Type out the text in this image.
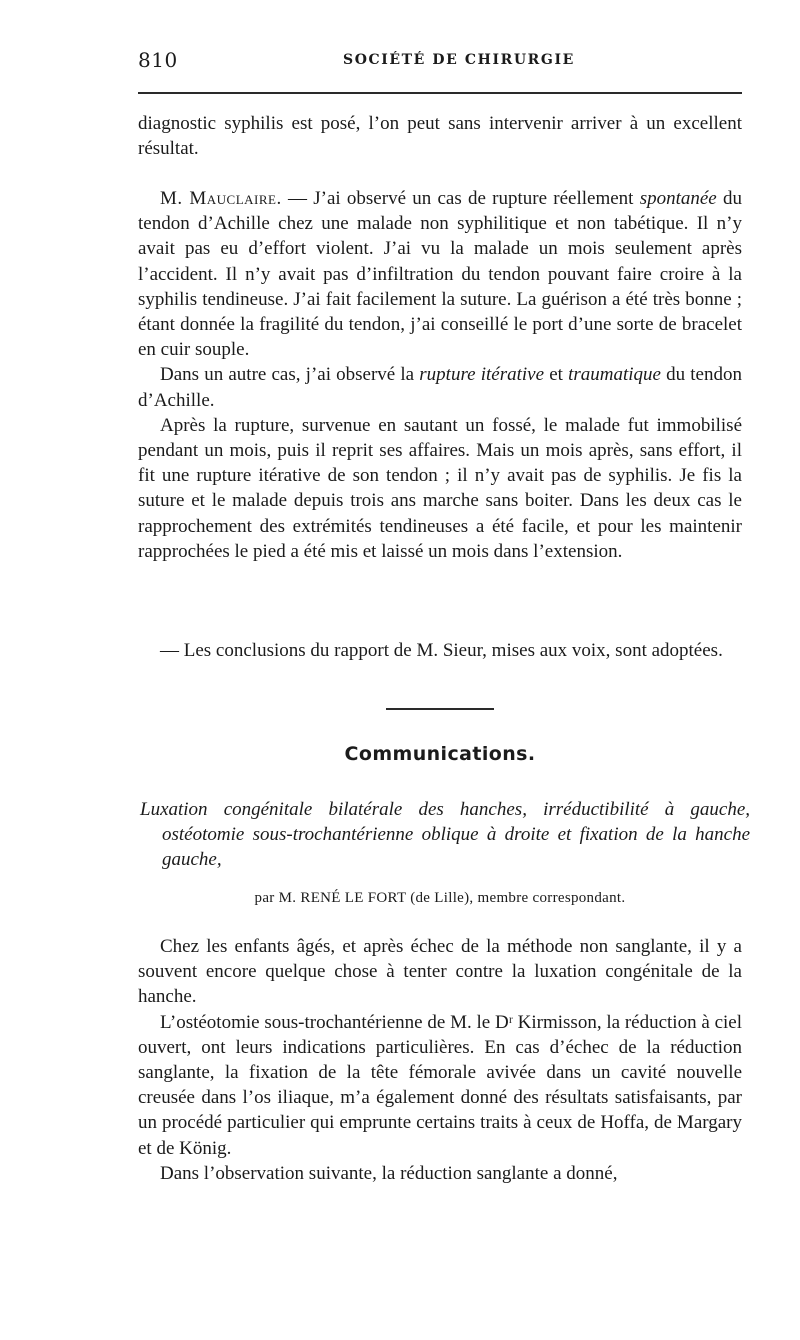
810	SOCIÉTÉ DE CHIRURGIE

diagnostic syphilis est posé, l’on peut sans intervenir arriver à un excellent résultat.

M. Mauclaire. — J’ai observé un cas de rupture réellement spontanée du tendon d’Achille chez une malade non syphilitique et non tabétique. Il n’y avait pas eu d’effort violent. J’ai vu la malade un mois seulement après l’accident. Il n’y avait pas d’infiltration du tendon pouvant faire croire à la syphilis tendineuse. J’ai fait facilement la suture. La guérison a été très bonne ; étant donnée la fragilité du tendon, j’ai conseillé le port d’une sorte de bracelet en cuir souple.

Dans un autre cas, j’ai observé la rupture itérative et traumatique du tendon d’Achille.

Après la rupture, survenue en sautant un fossé, le malade fut immobilisé pendant un mois, puis il reprit ses affaires. Mais un mois après, sans effort, il fit une rupture itérative de son tendon ; il n’y avait pas de syphilis. Je fis la suture et le malade depuis trois ans marche sans boiter. Dans les deux cas le rapprochement des extrémités tendineuses a été facile, et pour les maintenir rapprochées le pied a été mis et laissé un mois dans l’extension.

— Les conclusions du rapport de M. Sieur, mises aux voix, sont adoptées.

Communications.
Luxation congénitale bilatérale des hanches, irréductibilité à gauche, ostéotomie sous-trochantérienne oblique à droite et fixation de la hanche gauche,
par M. RENÉ LE FORT (de Lille), membre correspondant.

Chez les enfants âgés, et après échec de la méthode non sanglante, il y a souvent encore quelque chose à tenter contre la luxation congénitale de la hanche.

L’ostéotomie sous-trochantérienne de M. le Dʳ Kirmisson, la réduction à ciel ouvert, ont leurs indications particulières. En cas d’échec de la réduction sanglante, la fixation de la tête fémorale avivée dans un cavité nouvelle creusée dans l’os iliaque, m’a également donné des résultats satisfaisants, par un procédé particulier qui emprunte certains traits à ceux de Hoffa, de Margary et de König.

Dans l’observation suivante, la réduction sanglante a donné,
